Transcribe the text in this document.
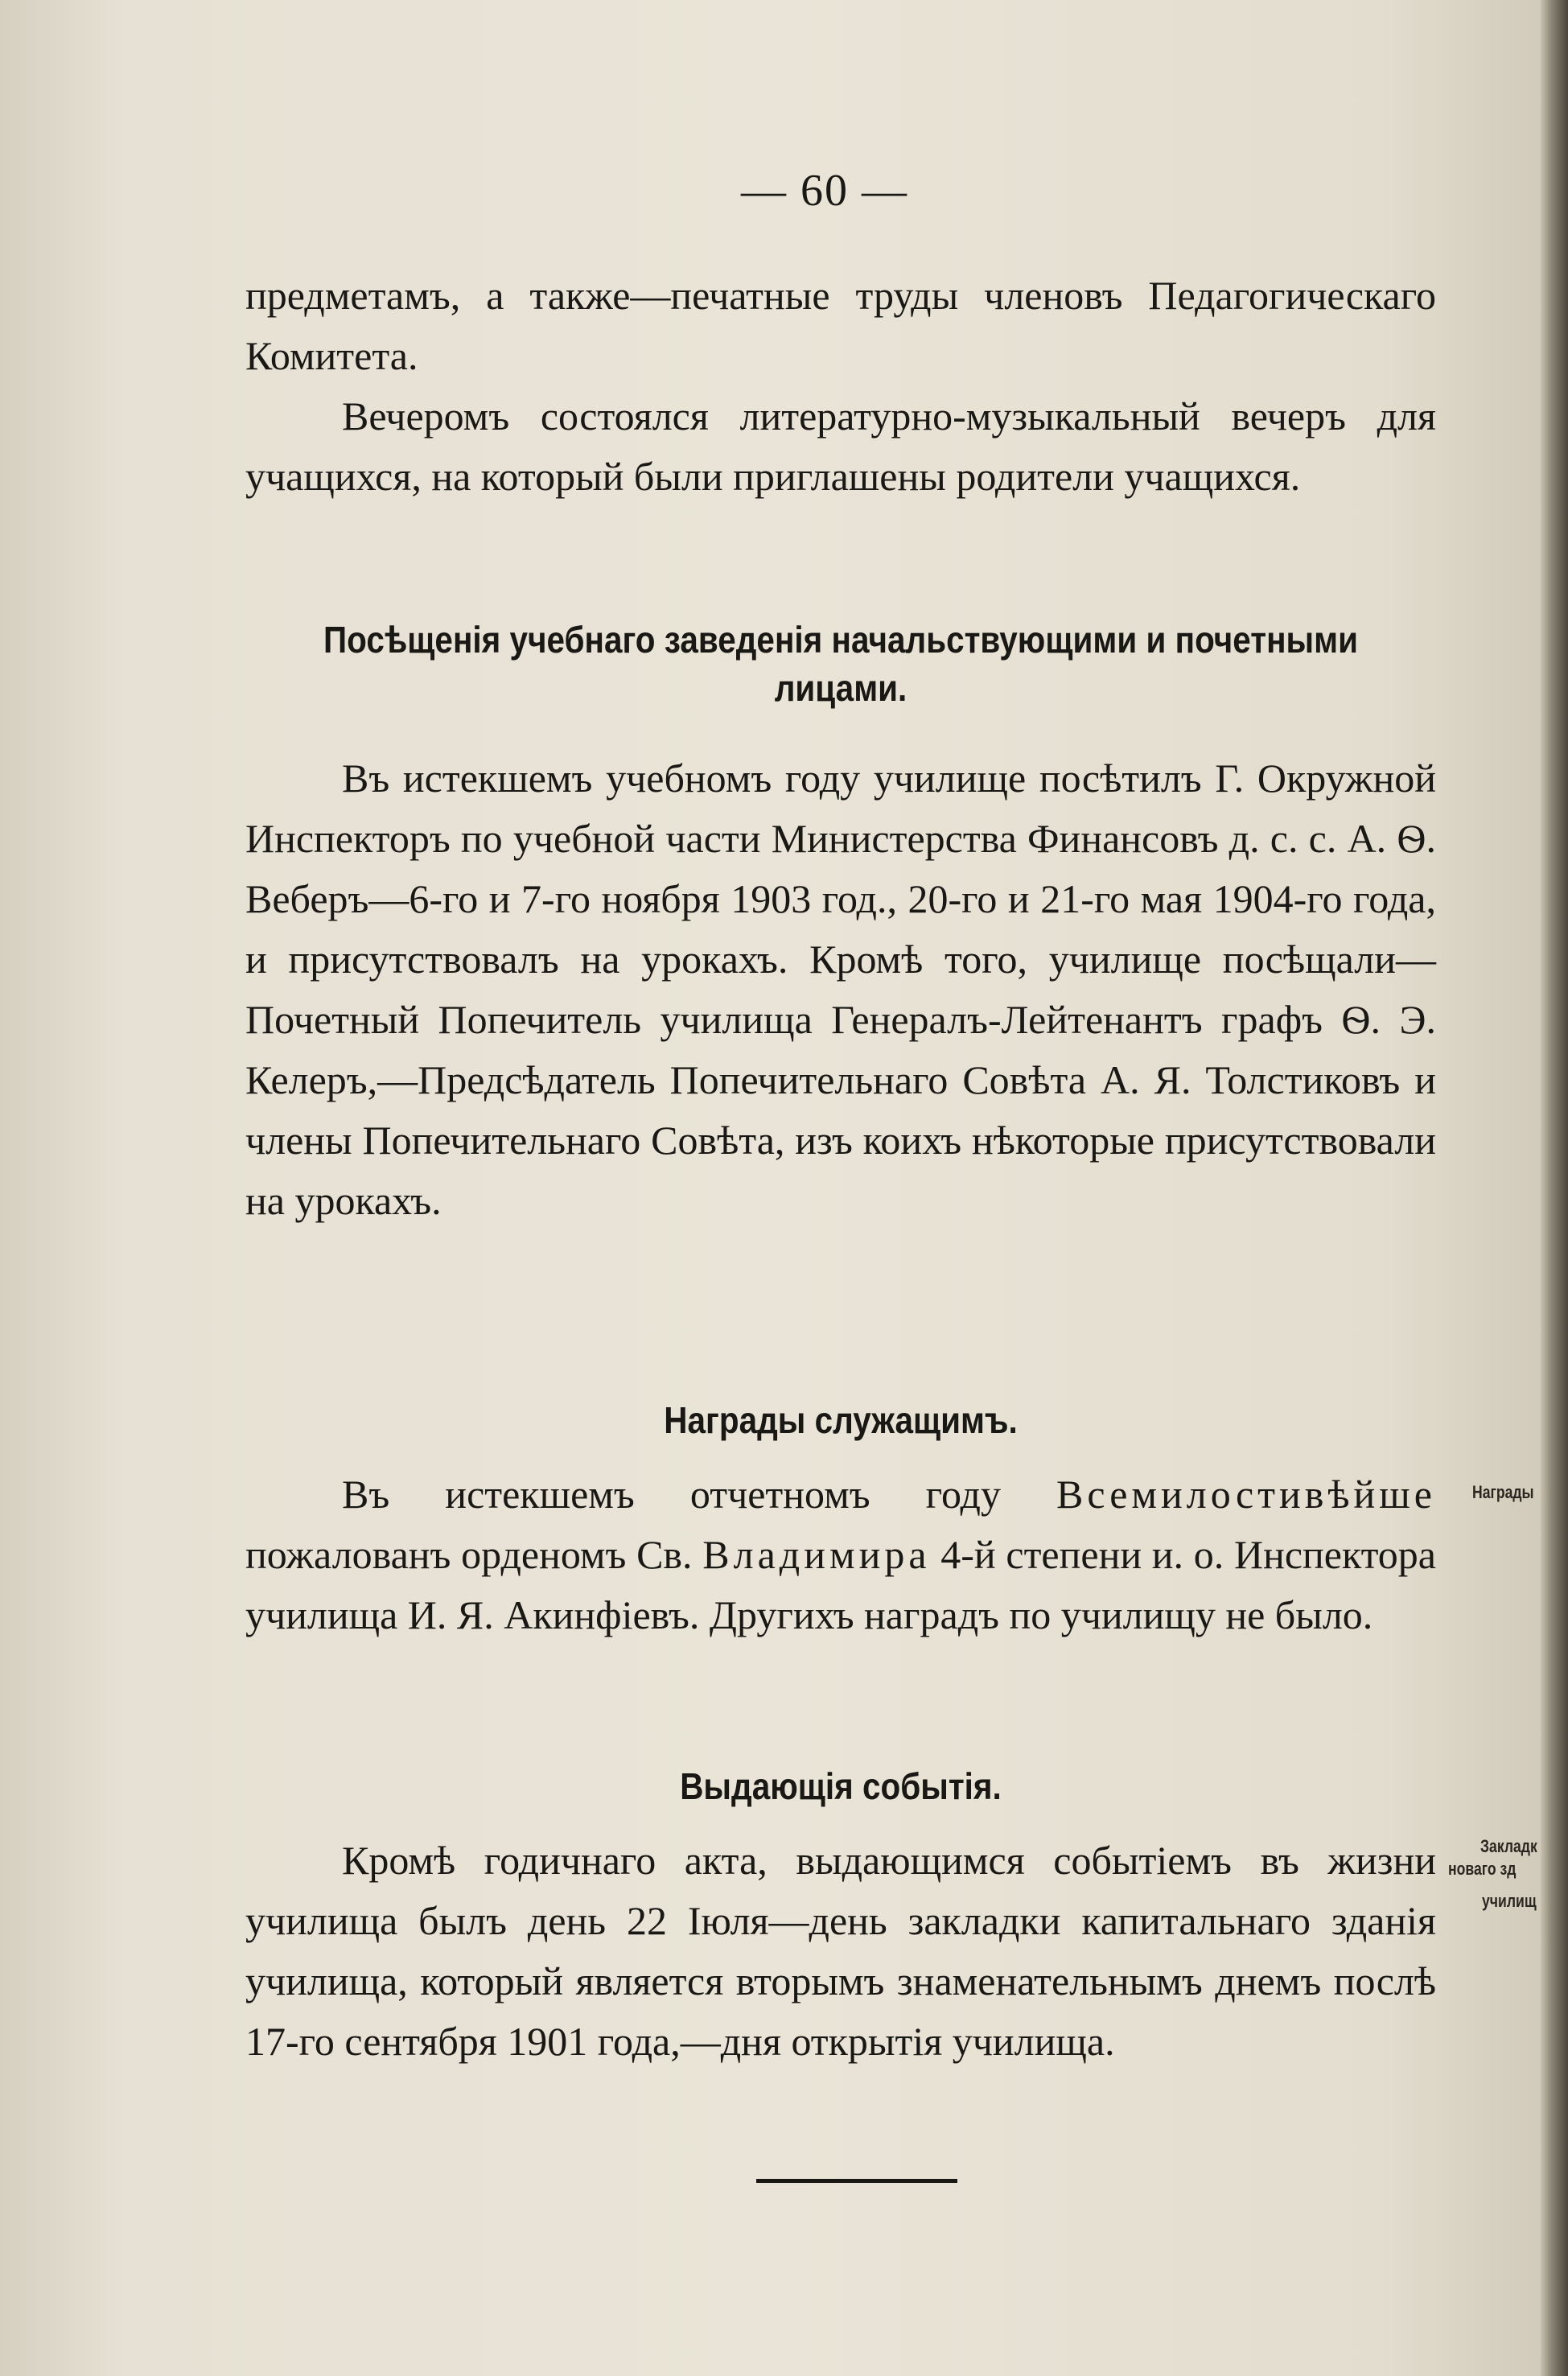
— 60 —

предметамъ, а также—печатные труды членовъ Педагогическаго Комитета.

Вечеромъ состоялся литературно-музыкальный вечеръ для учащихся, на который были приглашены родители учащихся.

Посѣщенія учебнаго заведенія начальствующими и почетными лицами.

Въ истекшемъ учебномъ году училище посѣтилъ Г. Окружной Инспекторъ по учебной части Министерства Финансовъ д. с. с. А. Ѳ. Веберъ—6-го и 7-го ноября 1903 год., 20-го и 21-го мая 1904-го года, и присутствовалъ на урокахъ. Кромѣ того, училище посѣщали—Почетный Попечитель училища Генералъ-Лейтенантъ графъ Ѳ. Э. Келеръ,—Предсѣдатель Попечительнаго Совѣта А. Я. Толстиковъ и члены Попечительнаго Совѣта, изъ коихъ нѣкоторые присутствовали на урокахъ.

Награды служащимъ.

Въ истекшемъ отчетномъ году Всемилостивѣйше пожалованъ орденомъ Св. Владимира 4-й степени и. о. Инспектора училища И. Я. Акинфіевъ. Другихъ наградъ по училищу не было.

Выдающія событія.

Кромѣ годичнаго акта, выдающимся событіемъ въ жизни училища былъ день 22 Іюля—день закладки капитальнаго зданія училища, который является вторымъ знаменательнымъ днемъ послѣ 17-го сентября 1901 года,—дня открытія училища.

Награды
Закладк
новаго зд
училищ
